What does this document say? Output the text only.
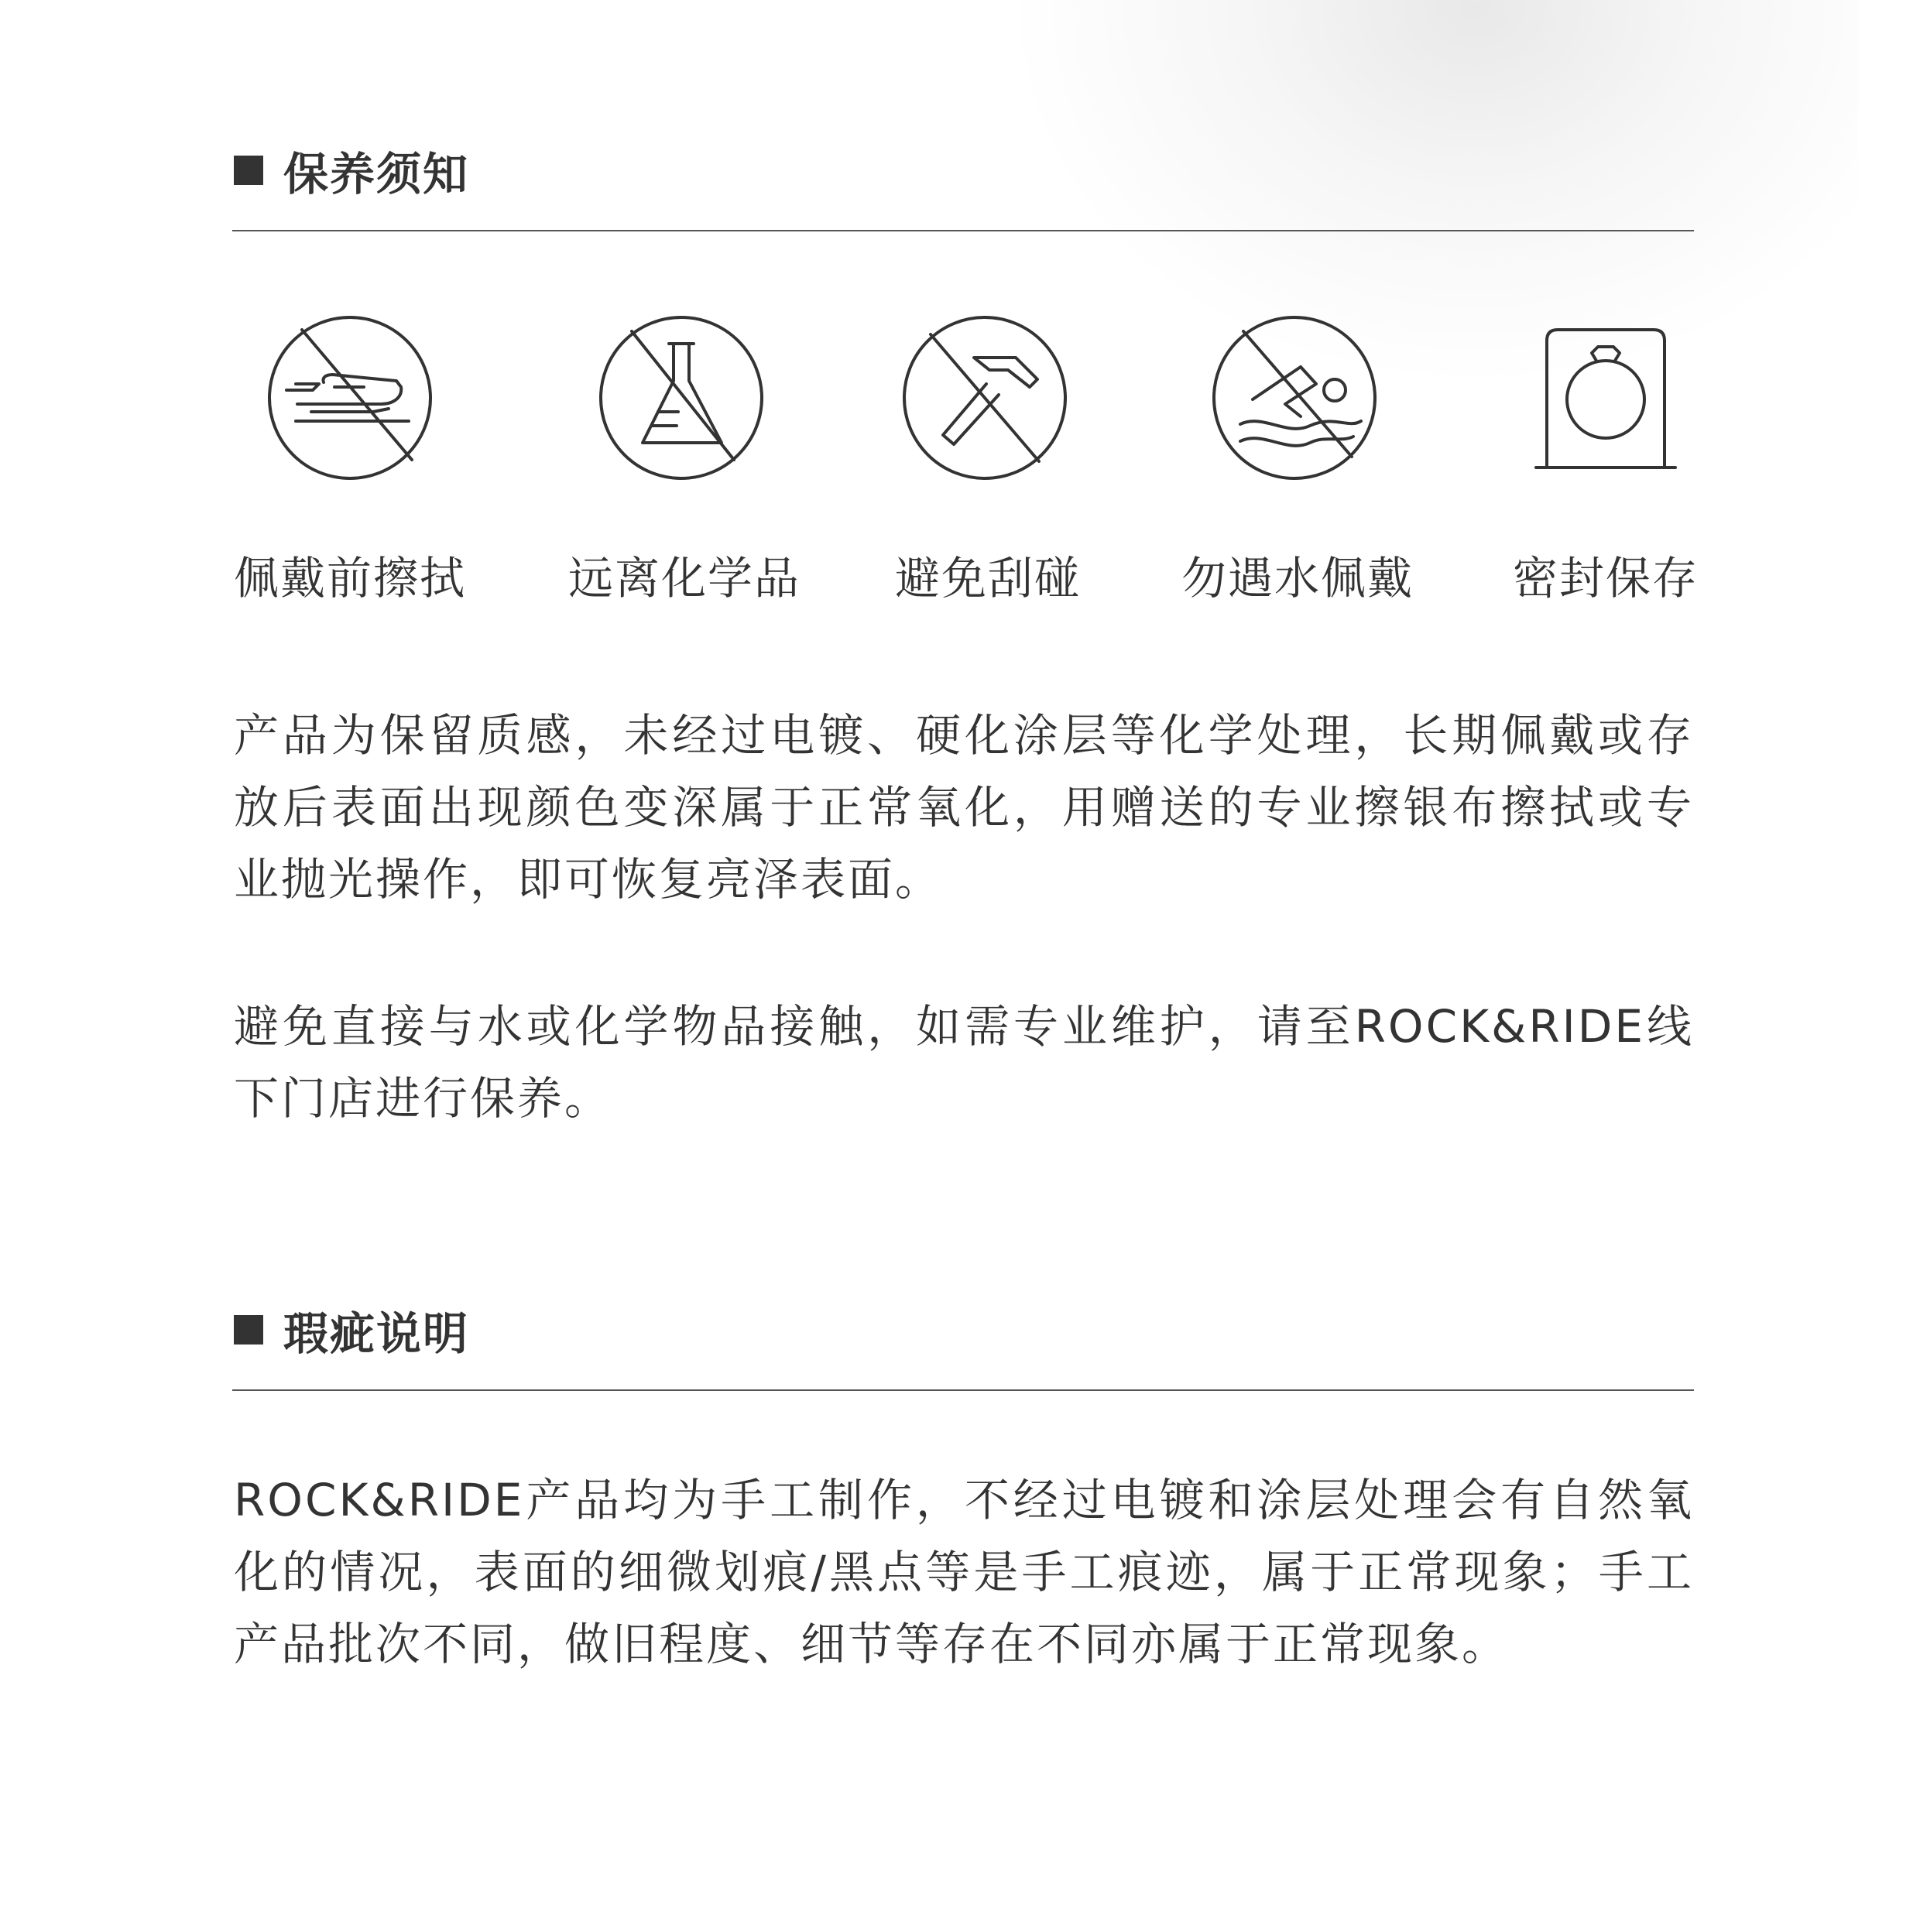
保养须知
佩戴前擦拭 远离化学品 避免刮碰 勿遇水佩戴 密封保存
产品为保留质感，未经过电镀、硬化涂层等化学处理，长期佩戴或存放后表面出现颜色变深属于正常氧化，用赠送的专业擦银布擦拭或专业抛光操作，即可恢复亮泽表面。
避免直接与水或化学物品接触，如需专业维护，请至ROCK&RIDE线下门店进行保养。
瑕疵说明
ROCK&RIDE产品均为手工制作，不经过电镀和涂层处理会有自然氧化的情况，表面的细微划痕/黑点等是手工痕迹，属于正常现象；手工产品批次不同，做旧程度、细节等存在不同亦属于正常现象。
